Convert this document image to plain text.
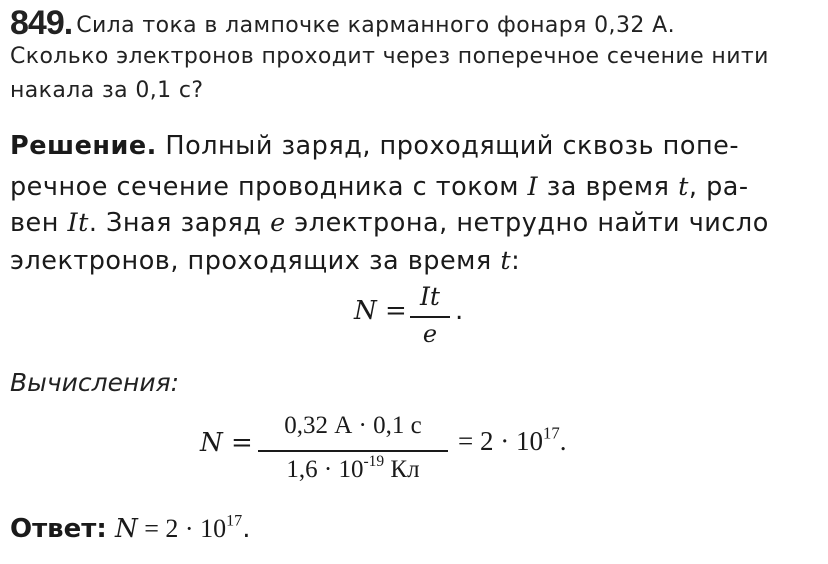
849. Сила тока в лампочке карманного фонаря 0,32 А.
Сколько электронов проходит через поперечное сечение нити
накала за 0,1 с?
Решение. Полный заряд, проходящий сквозь попе-
речное сечение проводника с током I за время t, ра-
вен It. Зная заряд e электрона, нетрудно найти число
электронов, проходящих за время t:
N = It
e
.
Вычисления:
N =
0,32 А · 0,1 с
$1,6 \cdot 10^{-19}$ Кл
= $2 \cdot 10^{17}$.
Ответ: $N = 2 \cdot 10^{17}$.
